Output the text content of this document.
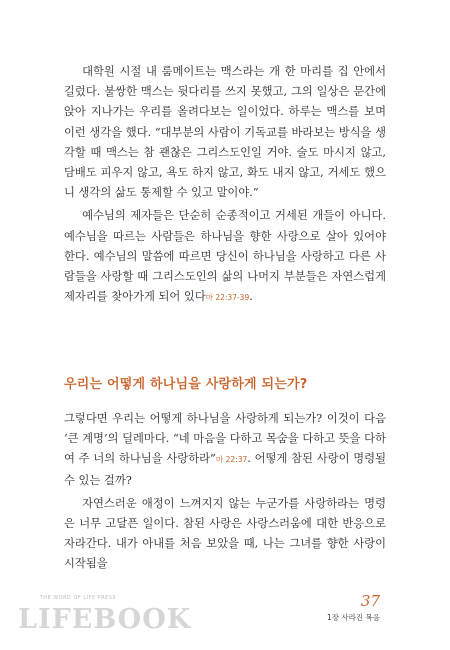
대학원 시절 내 룸메이트는 맥스라는 개 한 마리를 집 안에서 길렀다. 불쌍한 맥스는 뒷다리를 쓰지 못했고, 그의 일상은 문간에 앉아 지나가는 우리를 올려다보는 일이었다. 하루는 맥스를 보며 이런 생각을 했다. “대부분의 사람이 기독교를 바라보는 방식을 생각할 때 맥스는 참 괜찮은 그리스도인일 거야. 술도 마시지 않고, 담배도 피우지 않고, 욕도 하지 않고, 화도 내지 않고, 거세도 했으니 생각의 삶도 통제할 수 있고 말이야.”

예수님의 제자들은 단순히 순종적이고 거세된 개들이 아니다. 예수님을 따르는 사람들은 하나님을 향한 사랑으로 살아 있어야 한다. 예수님의 말씀에 따르면 당신이 하나님을 사랑하고 다른 사람들을 사랑할 때 그리스도인의 삶의 나머지 부분들은 자연스럽게 제자리를 찾아가게 되어 있다마 22:37-39.

우리는 어떻게 하나님을 사랑하게 되는가?

그렇다면 우리는 어떻게 하나님을 사랑하게 되는가? 이것이 다음 ‘큰 계명’의 딜레마다. “네 마음을 다하고 목숨을 다하고 뜻을 다하여 주 너의 하나님을 사랑하라”마 22:37. 어떻게 참된 사랑이 명령될 수 있는 걸까?

자연스러운 애정이 느껴지지 않는 누군가를 사랑하라는 명령은 너무 고달픈 일이다. 참된 사랑은 사랑스러움에 대한 반응으로 자라간다. 내가 아내를 처음 보았을 때, 나는 그녀를 향한 사랑이 시작됨을

THE WORD OF LIFE PRESS
LIFEBOOK
37
1장 사라진 복음
